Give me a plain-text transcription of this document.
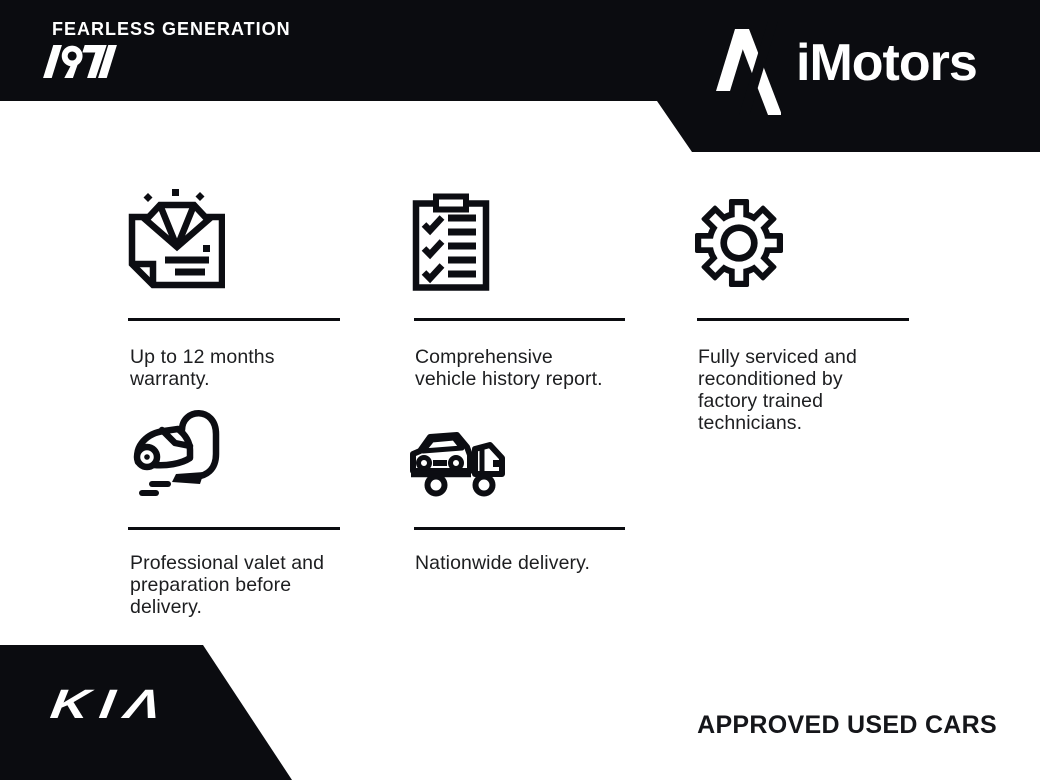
FEARLESS GENERATION
iMotors

Up to 12 months warranty.

Comprehensive vehicle history report.

Fully serviced and reconditioned by factory trained technicians.

Professional valet and preparation before delivery.

Nationwide delivery.

KIΛ	APPROVED USED CARS
